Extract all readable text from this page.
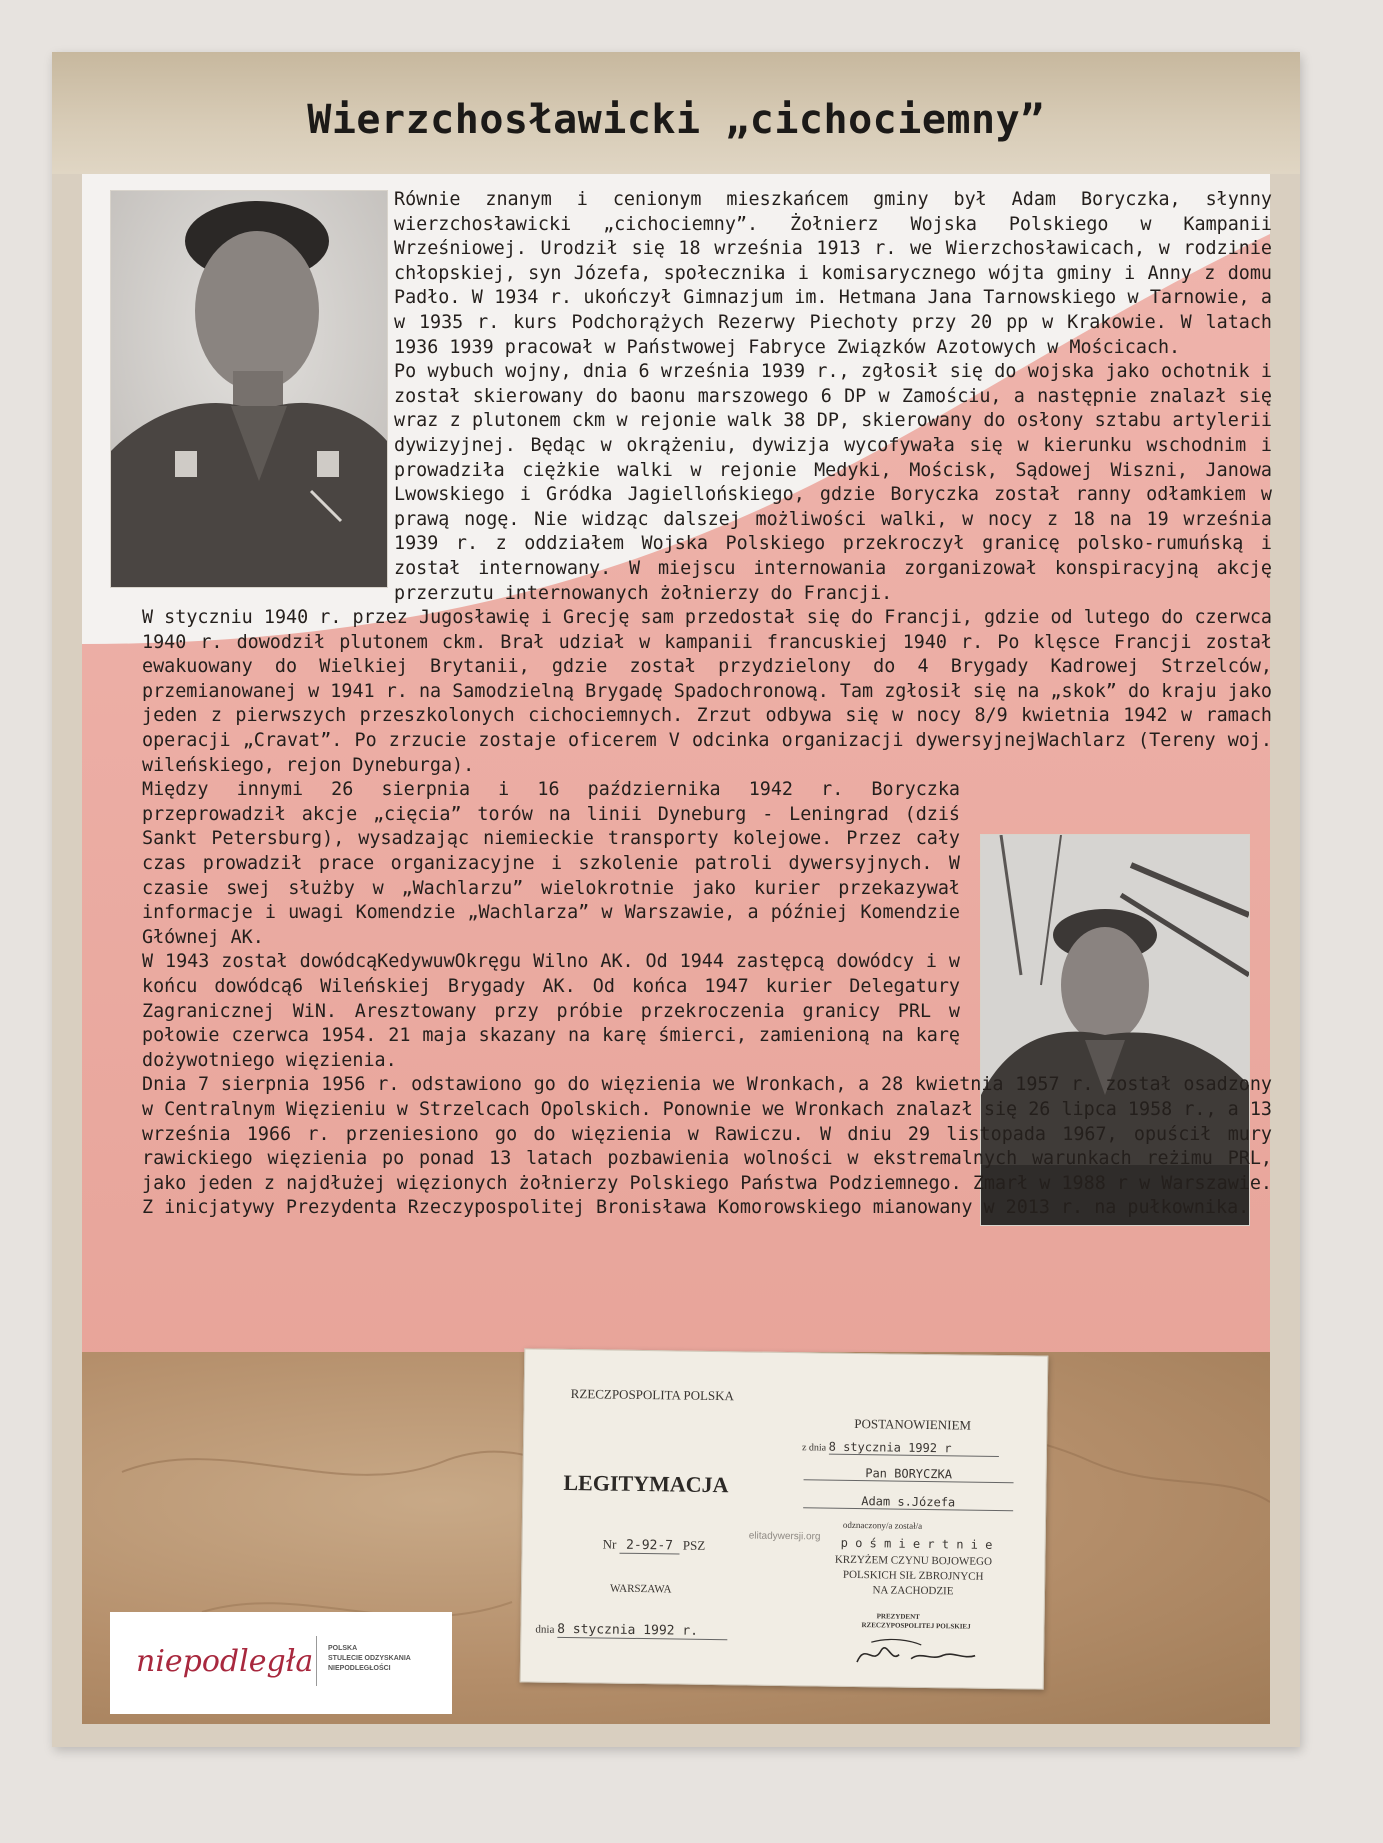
Wierzchosławicki „cichociemny”

Równie znanym i cenionym mieszkańcem gminy był Adam Boryczka, słynny wierzchosławicki „cichociemny”. Żołnierz Wojska Polskiego w Kampanii Wrześniowej. Urodził się 18 września 1913 r. we Wierzchosławicach, w rodzinie chłopskiej, syn Józefa, społecznika i komisarycznego wójta gminy i Anny z domu Padło. W 1934 r. ukończył Gimnazjum im. Hetmana Jana Tarnowskiego w Tarnowie, a w 1935 r. kurs Podchorążych Rezerwy Piechoty przy 20 pp w Krakowie. W latach 1936 1939 pracował w Państwowej Fabryce Związków Azotowych w Mościcach.

Po wybuch wojny, dnia 6 września 1939 r., zgłosił się do wojska jako ochotnik i został skierowany do baonu marszowego 6 DP w Zamościu, a następnie znalazł się wraz z plutonem ckm w rejonie walk 38 DP, skierowany do osłony sztabu artylerii dywizyjnej. Będąc w okrążeniu, dywizja wycofywała się w kierunku wschodnim i prowadziła ciężkie walki w rejonie Medyki, Mościsk, Sądowej Wiszni, Janowa Lwowskiego i Gródka Jagiellońskiego, gdzie Boryczka został ranny odłamkiem w prawą nogę. Nie widząc dalszej możliwości walki, w nocy z 18 na 19 września 1939 r. z oddziałem Wojska Polskiego przekroczył granicę polsko-rumuńską i został internowany. W miejscu internowania zorganizował konspiracyjną akcję przerzutu internowanych żołnierzy do Francji.

W styczniu 1940 r. przez Jugosławię i Grecję sam przedostał się do Francji, gdzie od lutego do czerwca 1940 r. dowodził plutonem ckm. Brał udział w kampanii francuskiej 1940 r. Po klęsce Francji został ewakuowany do Wielkiej Brytanii, gdzie został przydzielony do 4 Brygady Kadrowej Strzelców, przemianowanej w 1941 r. na Samodzielną Brygadę Spadochronową. Tam zgłosił się na „skok” do kraju jako jeden z pierwszych przeszkolonych cichociemnych. Zrzut odbywa się w nocy 8/9 kwietnia 1942 w ramach operacji „Cravat”. Po zrzucie zostaje oficerem V odcinka organizacji dywersyjnejWachlarz (Tereny woj. wileńskiego, rejon Dyneburga).

Między innymi 26 sierpnia i 16 października 1942 r. Boryczka przeprowadził akcje „cięcia” torów na linii Dyneburg - Leningrad (dziś Sankt Petersburg), wysadzając niemieckie transporty kolejowe. Przez cały czas prowadził prace organizacyjne i szkolenie patroli dywersyjnych. W czasie swej służby w „Wachlarzu” wielokrotnie jako kurier przekazywał informacje i uwagi Komendzie „Wachlarza” w Warszawie, a później Komendzie Głównej AK.

W 1943 został dowódcąKedywuwOkręgu Wilno AK. Od 1944 zastępcą dowódcy i w końcu dowódcą6 Wileńskiej Brygady AK. Od końca 1947 kurier Delegatury Zagranicznej WiN. Aresztowany przy próbie przekroczenia granicy PRL w połowie czerwca 1954. 21 maja skazany na karę śmierci, zamienioną na karę dożywotniego więzienia.

Dnia 7 sierpnia 1956 r. odstawiono go do więzienia we Wronkach, a 28 kwietnia 1957 r. został osadzony w Centralnym Więzieniu w Strzelcach Opolskich. Ponownie we Wronkach znalazł się 26 lipca 1958 r., a 13 września 1966 r. przeniesiono go do więzienia w Rawiczu. W dniu 29 listopada 1967, opuścił mury rawickiego więzienia po ponad 13 latach pozbawienia wolności w ekstremalnych warunkach reżimu PRL, jako jeden z najdłużej więzionych żołnierzy Polskiego Państwa Podziemnego. Zmarł w 1988 r w Warszawie. Z inicjatywy Prezydenta Rzeczypospolitej Bronisława Komorowskiego mianowany w 2013 r. na pułkownika.

RZECZPOSPOLITA POLSKA
LEGITYMACJA
Nr 2-92-7 PSZ
WARSZAWA
dnia 8 stycznia 1992 r.
POSTANOWIENIEM
z dnia 8 stycznia 1992 r
Pan BORYCZKA
Adam s.Józefa
odznaczony/a został/a
p o ś m i e r t n i e
KRZYŻEM CZYNU BOJOWEGO
POLSKICH SIŁ ZBROJNYCH
NA ZACHODZIE
elitadywersji.org
PREZYDENT
RZECZYPOSPOLITEJ POLSKIEJ
niepodległa POLSKA
STULECIE ODZYSKANIA
NIEPODLEGŁOŚCI
